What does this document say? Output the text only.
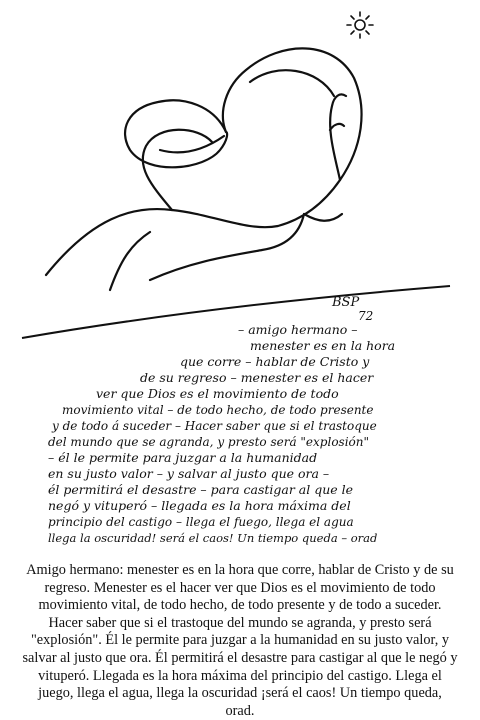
BSP
72
– amigo hermano –
menester es en la hora
que corre – hablar de Cristo y
de su regreso – menester es el hacer
ver que Dios es el movimiento de todo
movimiento vital – de todo hecho, de todo presente
y de todo á suceder – Hacer saber que si el trastoque
del mundo que se agranda, y presto será "explosión"
– él le permite para juzgar a la humanidad
en su justo valor – y salvar al justo que ora –
él permitirá el desastre – para castigar al que le
negó y vituperó – llegada es la hora máxima del
principio del castigo – llega el fuego, llega el agua
llega la oscuridad! será el caos! Un tiempo queda – orad
Amigo hermano: menester es en la hora que corre, hablar de Cristo y de su regreso. Menester es el hacer ver que Dios es el movimiento de todo movimiento vital, de todo hecho, de todo presente y de todo a suceder. Hacer saber que si el trastoque del mundo se agranda, y presto será "explosión". Él le permite para juzgar a la humanidad en su justo valor, y salvar al justo que ora. Él permitirá el desastre para castigar al que le negó y vituperó. Llegada es la hora máxima del principio del castigo. Llega el juego, llega el agua, llega la oscuridad ¡será el caos! Un tiempo queda, orad.
